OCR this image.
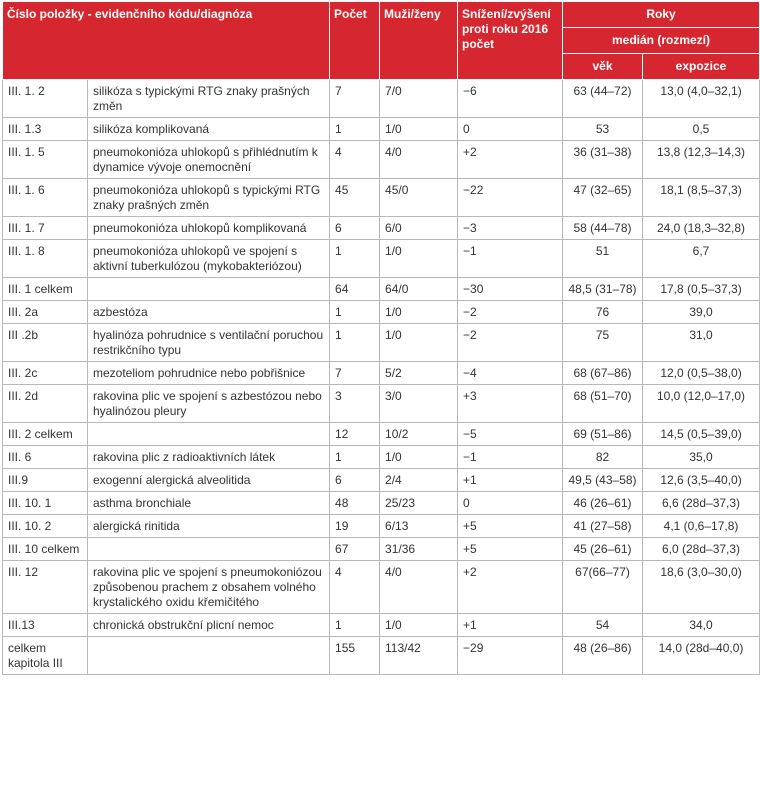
Číslo položky - evidenčního kódu/diagnóza		Počet	Muži/ženy	Snížení/zvýšení proti roku 2016 počet	Roky	
					medián (rozmezí)	
					věk	expozice
III. 1. 2	silikóza s typickými RTG znaky prašných změn	7	7/0	−6	63 (44–72)	13,0 (4,0–32,1)
III. 1.3	silikóza komplikovaná	1	1/0	0	53	0,5
III. 1. 5	pneumokonióza uhlokopů s přihlédnutím k dynamice vývoje onemocnění	4	4/0	+2	36 (31–38)	13,8 (12,3–14,3)
III. 1. 6	pneumokonióza uhlokopů s typickými RTG znaky prašných změn	45	45/0	−22	47 (32–65)	18,1 (8,5–37,3)
III. 1. 7	pneumokonióza uhlokopů komplikovaná	6	6/0	−3	58 (44–78)	24,0 (18,3–32,8)
III. 1. 8	pneumokonióza uhlokopů ve spojení s aktivní tuberkulózou (mykobakteriózou)	1	1/0	−1	51	6,7
III. 1 celkem		64	64/0	−30	48,5 (31–78)	17,8 (0,5–37,3)
III. 2a	azbestóza	1	1/0	−2	76	39,0
III .2b	hyalinóza pohrudnice s ventilační poruchou restrikčního typu	1	1/0	−2	75	31,0
III. 2c	mezoteliom pohrudnice nebo pobřišnice	7	5/2	−4	68 (67–86)	12,0 (0,5–38,0)
III. 2d	rakovina plic ve spojení s azbestózou nebo hyalinózou pleury	3	3/0	+3	68 (51–70)	10,0 (12,0–17,0)
III. 2 celkem		12	10/2	−5	69 (51–86)	14,5 (0,5–39,0)
III. 6	rakovina plic z radioaktivních látek	1	1/0	−1	82	35,0
III.9	exogenní alergická alveolitida	6	2/4	+1	49,5 (43–58)	12,6 (3,5–40,0)
III. 10. 1	asthma bronchiale	48	25/23	0	46 (26–61)	6,6 (28d–37,3)
III. 10. 2	alergická rinitida	19	6/13	+5	41 (27–58)	4,1 (0,6–17,8)
III. 10 celkem		67	31/36	+5	45 (26–61)	6,0 (28d–37,3)
III. 12	rakovina plic ve spojení s pneumokoniózou způsobenou prachem z obsahem volného krystalického oxidu křemičitého	4	4/0	+2	67(66–77)	18,6 (3,0–30,0)
III.13	chronická obstrukční plicní nemoc	1	1/0	+1	54	34,0
celkem kapitola III		155	113/42	−29	48 (26–86)	14,0 (28d–40,0)
